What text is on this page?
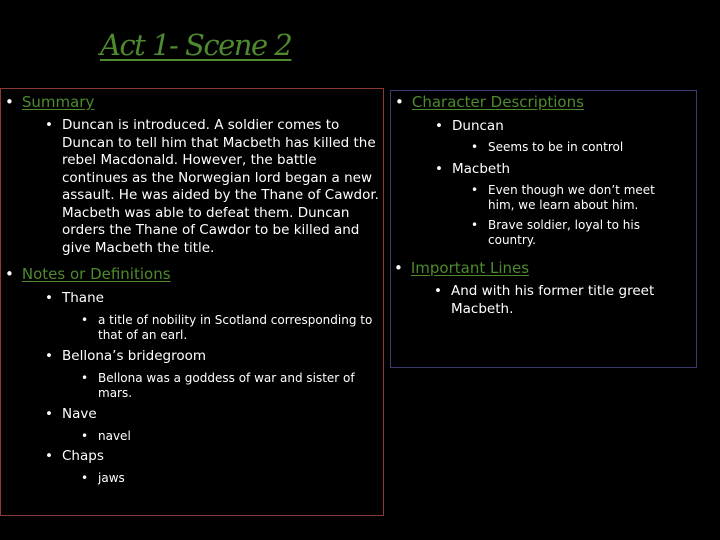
Act 1- Scene 2
• Summary
• Duncan is introduced. A soldier comes to Duncan to tell him that Macbeth has killed the rebel Macdonald. However, the battle continues as the Norwegian lord began a new assault. He was aided by the Thane of Cawdor. Macbeth was able to defeat them. Duncan orders the Thane of Cawdor to be killed and give Macbeth the title.
• Notes or Definitions
• Thane
• a title of nobility in Scotland corresponding to that of an earl.
• Bellona’s bridegroom
• Bellona was a goddess of war and sister of mars.
• Nave
• navel
• Chaps
• jaws
• Character Descriptions
• Duncan
• Seems to be in control
• Macbeth
• Even though we don’t meet him, we learn about him.
• Brave soldier, loyal to his country.
• Important Lines
• And with his former title greet Macbeth.
